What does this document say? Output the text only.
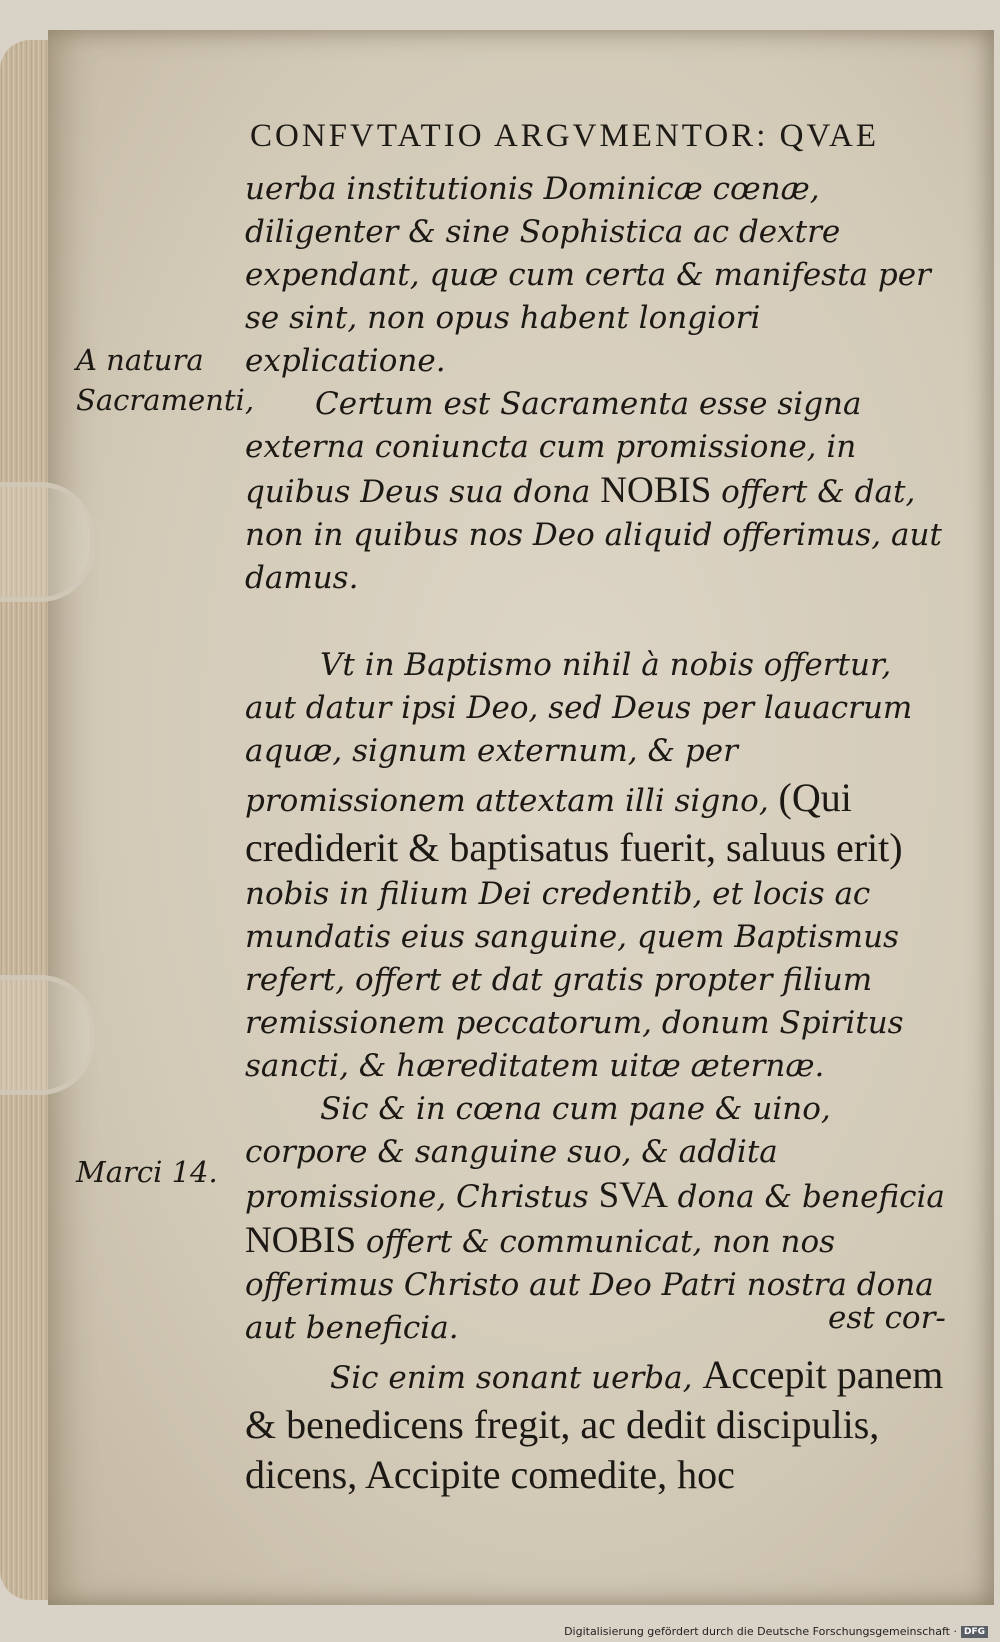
CONFVTATIO ARGVMENTOR: QVAE
A natura Sacramenti,
Marci 14.

uerba institutionis Dominicæ cœnæ, diligenter & sine Sophistica ac dextre expendant, quæ cum certa & manifesta per se sint, non opus habent longiori explicatione.

Certum est Sacramenta esse signa externa coniuncta cum promissione, in quibus Deus sua dona NOBIS offert & dat, non in quibus nos Deo aliquid offerimus, aut damus.

Vt in Baptismo nihil à nobis offertur, aut datur ipsi Deo, sed Deus per lauacrum aquæ, signum externum, & per promissionem attextam illi signo, (Qui crediderit & baptisatus fuerit, saluus erit) nobis in filium Dei credentib, et locis ac mundatis eius sanguine, quem Baptismus refert, offert et dat gratis propter filium remissionem peccatorum, donum Spiritus sancti, & hæreditatem uitæ æternæ.

Sic & in cœna cum pane & uino, corpore & sanguine suo, & addita promissione, Christus SVA dona & beneficia NOBIS offert & communicat, non nos offerimus Christo aut Deo Patri nostra dona aut beneficia.

Sic enim sonant uerba, Accepit panem & benedicens fregit, ac dedit discipulis, dicens, Accipite comedite, hoc

est cor-
Digitalisierung gefördert durch die Deutsche Forschungsgemeinschaft · DFG
